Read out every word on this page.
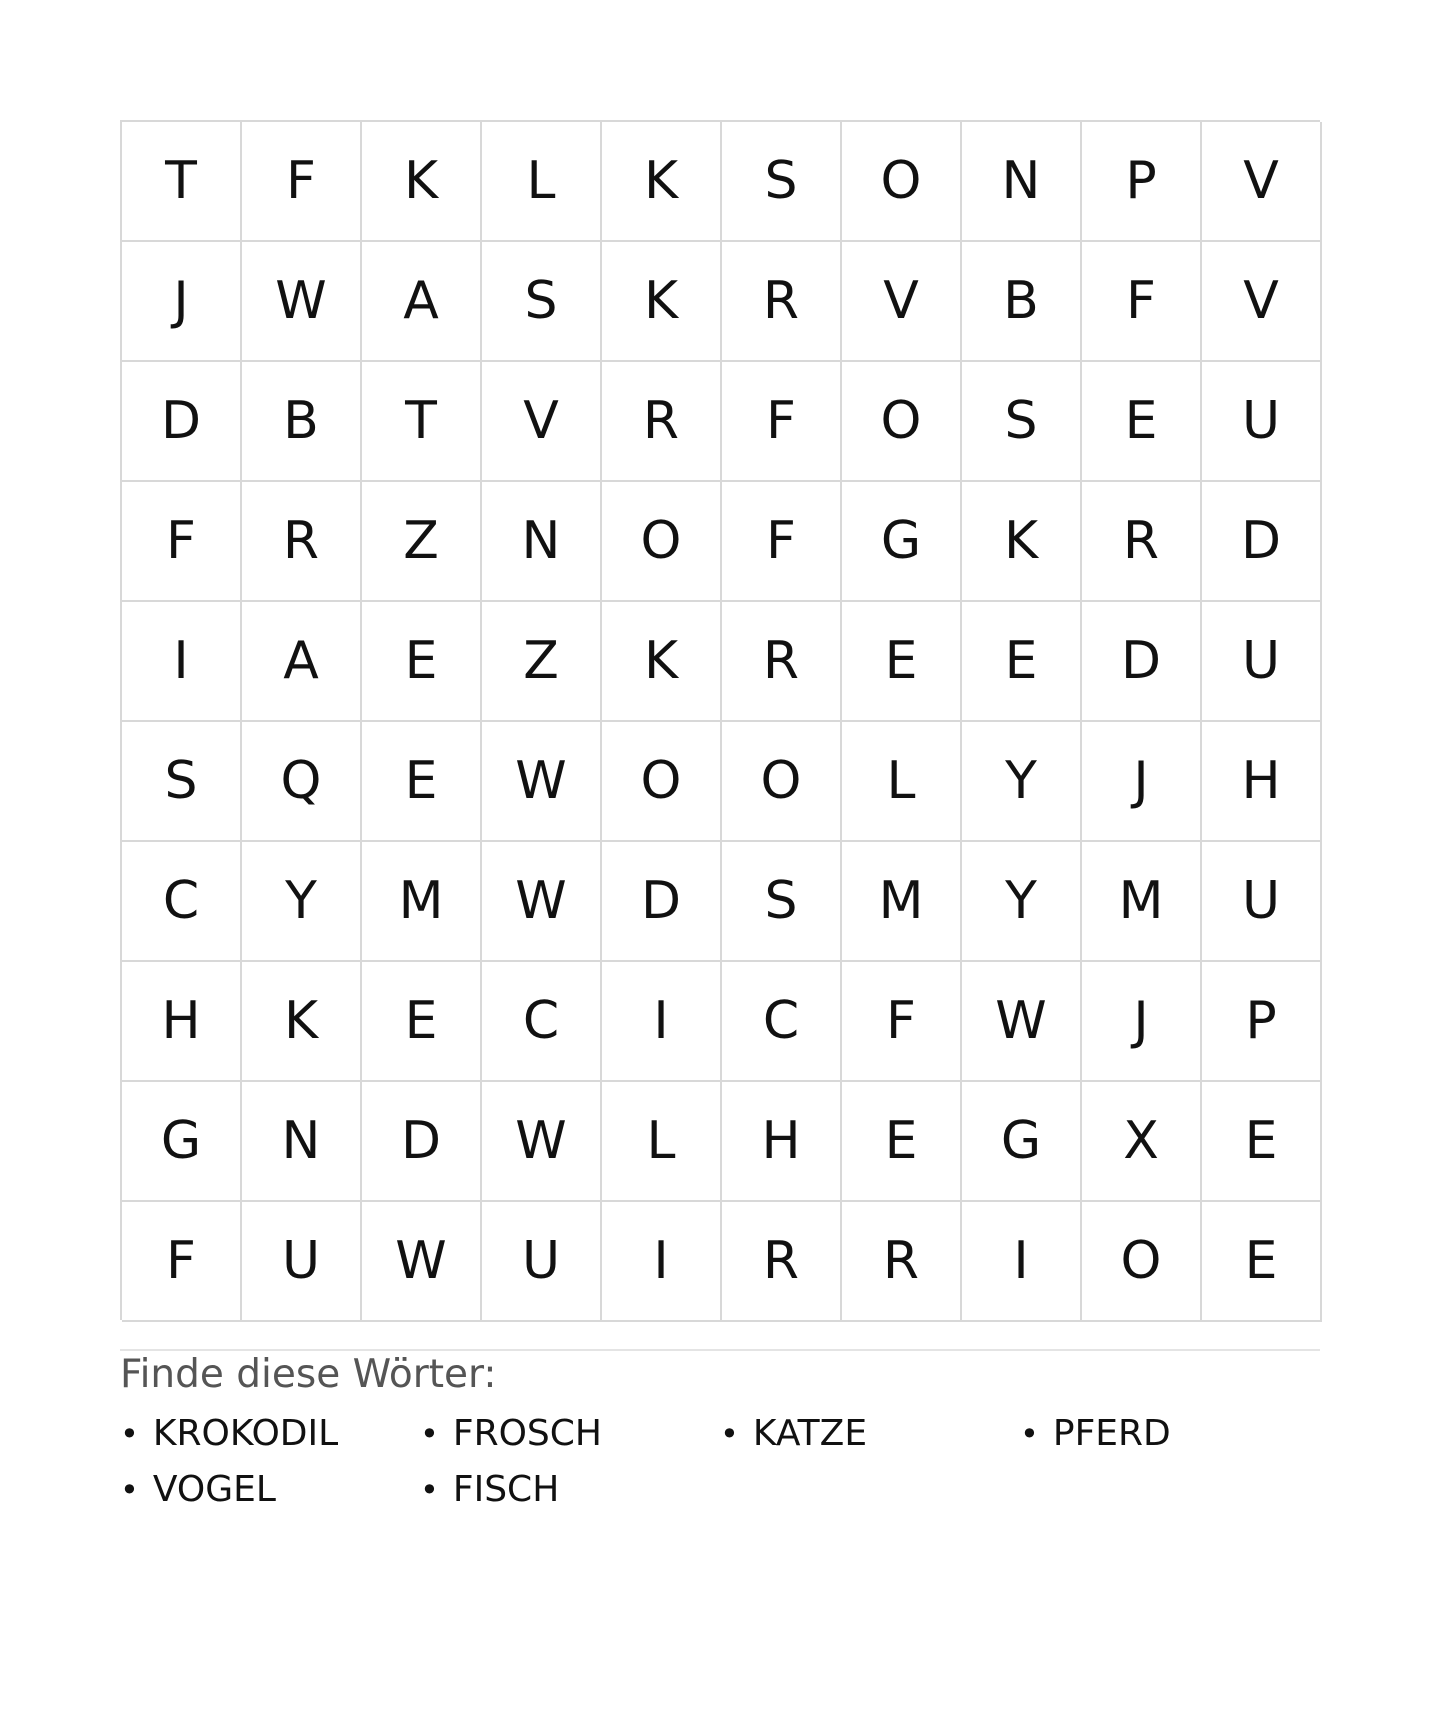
T	F	K	L	K	S	O	N	P	V
J	W	A	S	K	R	V	B	F	V
D	B	T	V	R	F	O	S	E	U
F	R	Z	N	O	F	G	K	R	D
I	A	E	Z	K	R	E	E	D	U
S	Q	E	W	O	O	L	Y	J	H
C	Y	M	W	D	S	M	Y	M	U
H	K	E	C	I	C	F	W	J	P
G	N	D	W	L	H	E	G	X	E
F	U	W	U	I	R	R	I	O	E
Finde diese Wörter:
• KROKODIL	• FROSCH	• KATZE	• PFERD
• VOGEL	• FISCH
